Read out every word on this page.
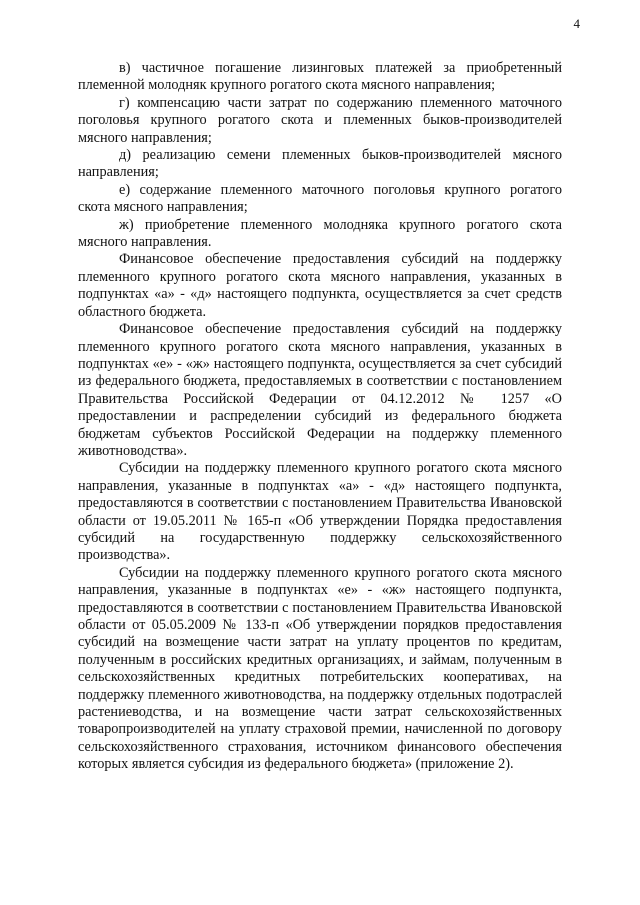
4

в) частичное погашение лизинговых платежей за приобретенный племенной молодняк крупного рогатого скота мясного направления;

г) компенсацию части затрат по содержанию племенного маточного поголовья крупного рогатого скота и племенных быков-производителей мясного направления;

д) реализацию семени племенных быков-производителей мясного направления;

е) содержание племенного маточного поголовья крупного рогатого скота мясного направления;

ж) приобретение племенного молодняка крупного рогатого скота мясного направления.

Финансовое обеспечение предоставления субсидий на поддержку племенного крупного рогатого скота мясного направления, указанных в подпунктах «а» - «д» настоящего подпункта, осуществляется за счет средств областного бюджета.

Финансовое обеспечение предоставления субсидий на поддержку племенного крупного рогатого скота мясного направления, указанных в подпунктах «е» - «ж» настоящего подпункта, осуществляется за счет субсидий из федерального бюджета, предоставляемых в соответствии с постановлением Правительства Российской Федерации от 04.12.2012 № 1257 «О предоставлении и распределении субсидий из федерального бюджета бюджетам субъектов Российской Федерации на поддержку племенного животноводства».

Субсидии на поддержку племенного крупного рогатого скота мясного направления, указанные в подпунктах «а» - «д» настоящего подпункта, предоставляются в соответствии с постановлением Правительства Ивановской области от 19.05.2011 № 165-п «Об утверждении Порядка предоставления субсидий на государственную поддержку сельскохозяйственного производства».

Субсидии на поддержку племенного крупного рогатого скота мясного направления, указанные в подпунктах «е» - «ж» настоящего подпункта, предоставляются в соответствии с постановлением Правительства Ивановской области от 05.05.2009 № 133-п «Об утверждении порядков предоставления субсидий на возмещение части затрат на уплату процентов по кредитам, полученным в российских кредитных организациях, и займам, полученным в сельскохозяйственных кредитных потребительских кооперативах, на поддержку племенного животноводства, на поддержку отдельных подотраслей растениеводства, и на возмещение части затрат сельскохозяйственных товаропроизводителей на уплату страховой премии, начисленной по договору сельскохозяйственного страхования, источником финансового обеспечения которых является субсидия из федерального бюджета» (приложение 2).
